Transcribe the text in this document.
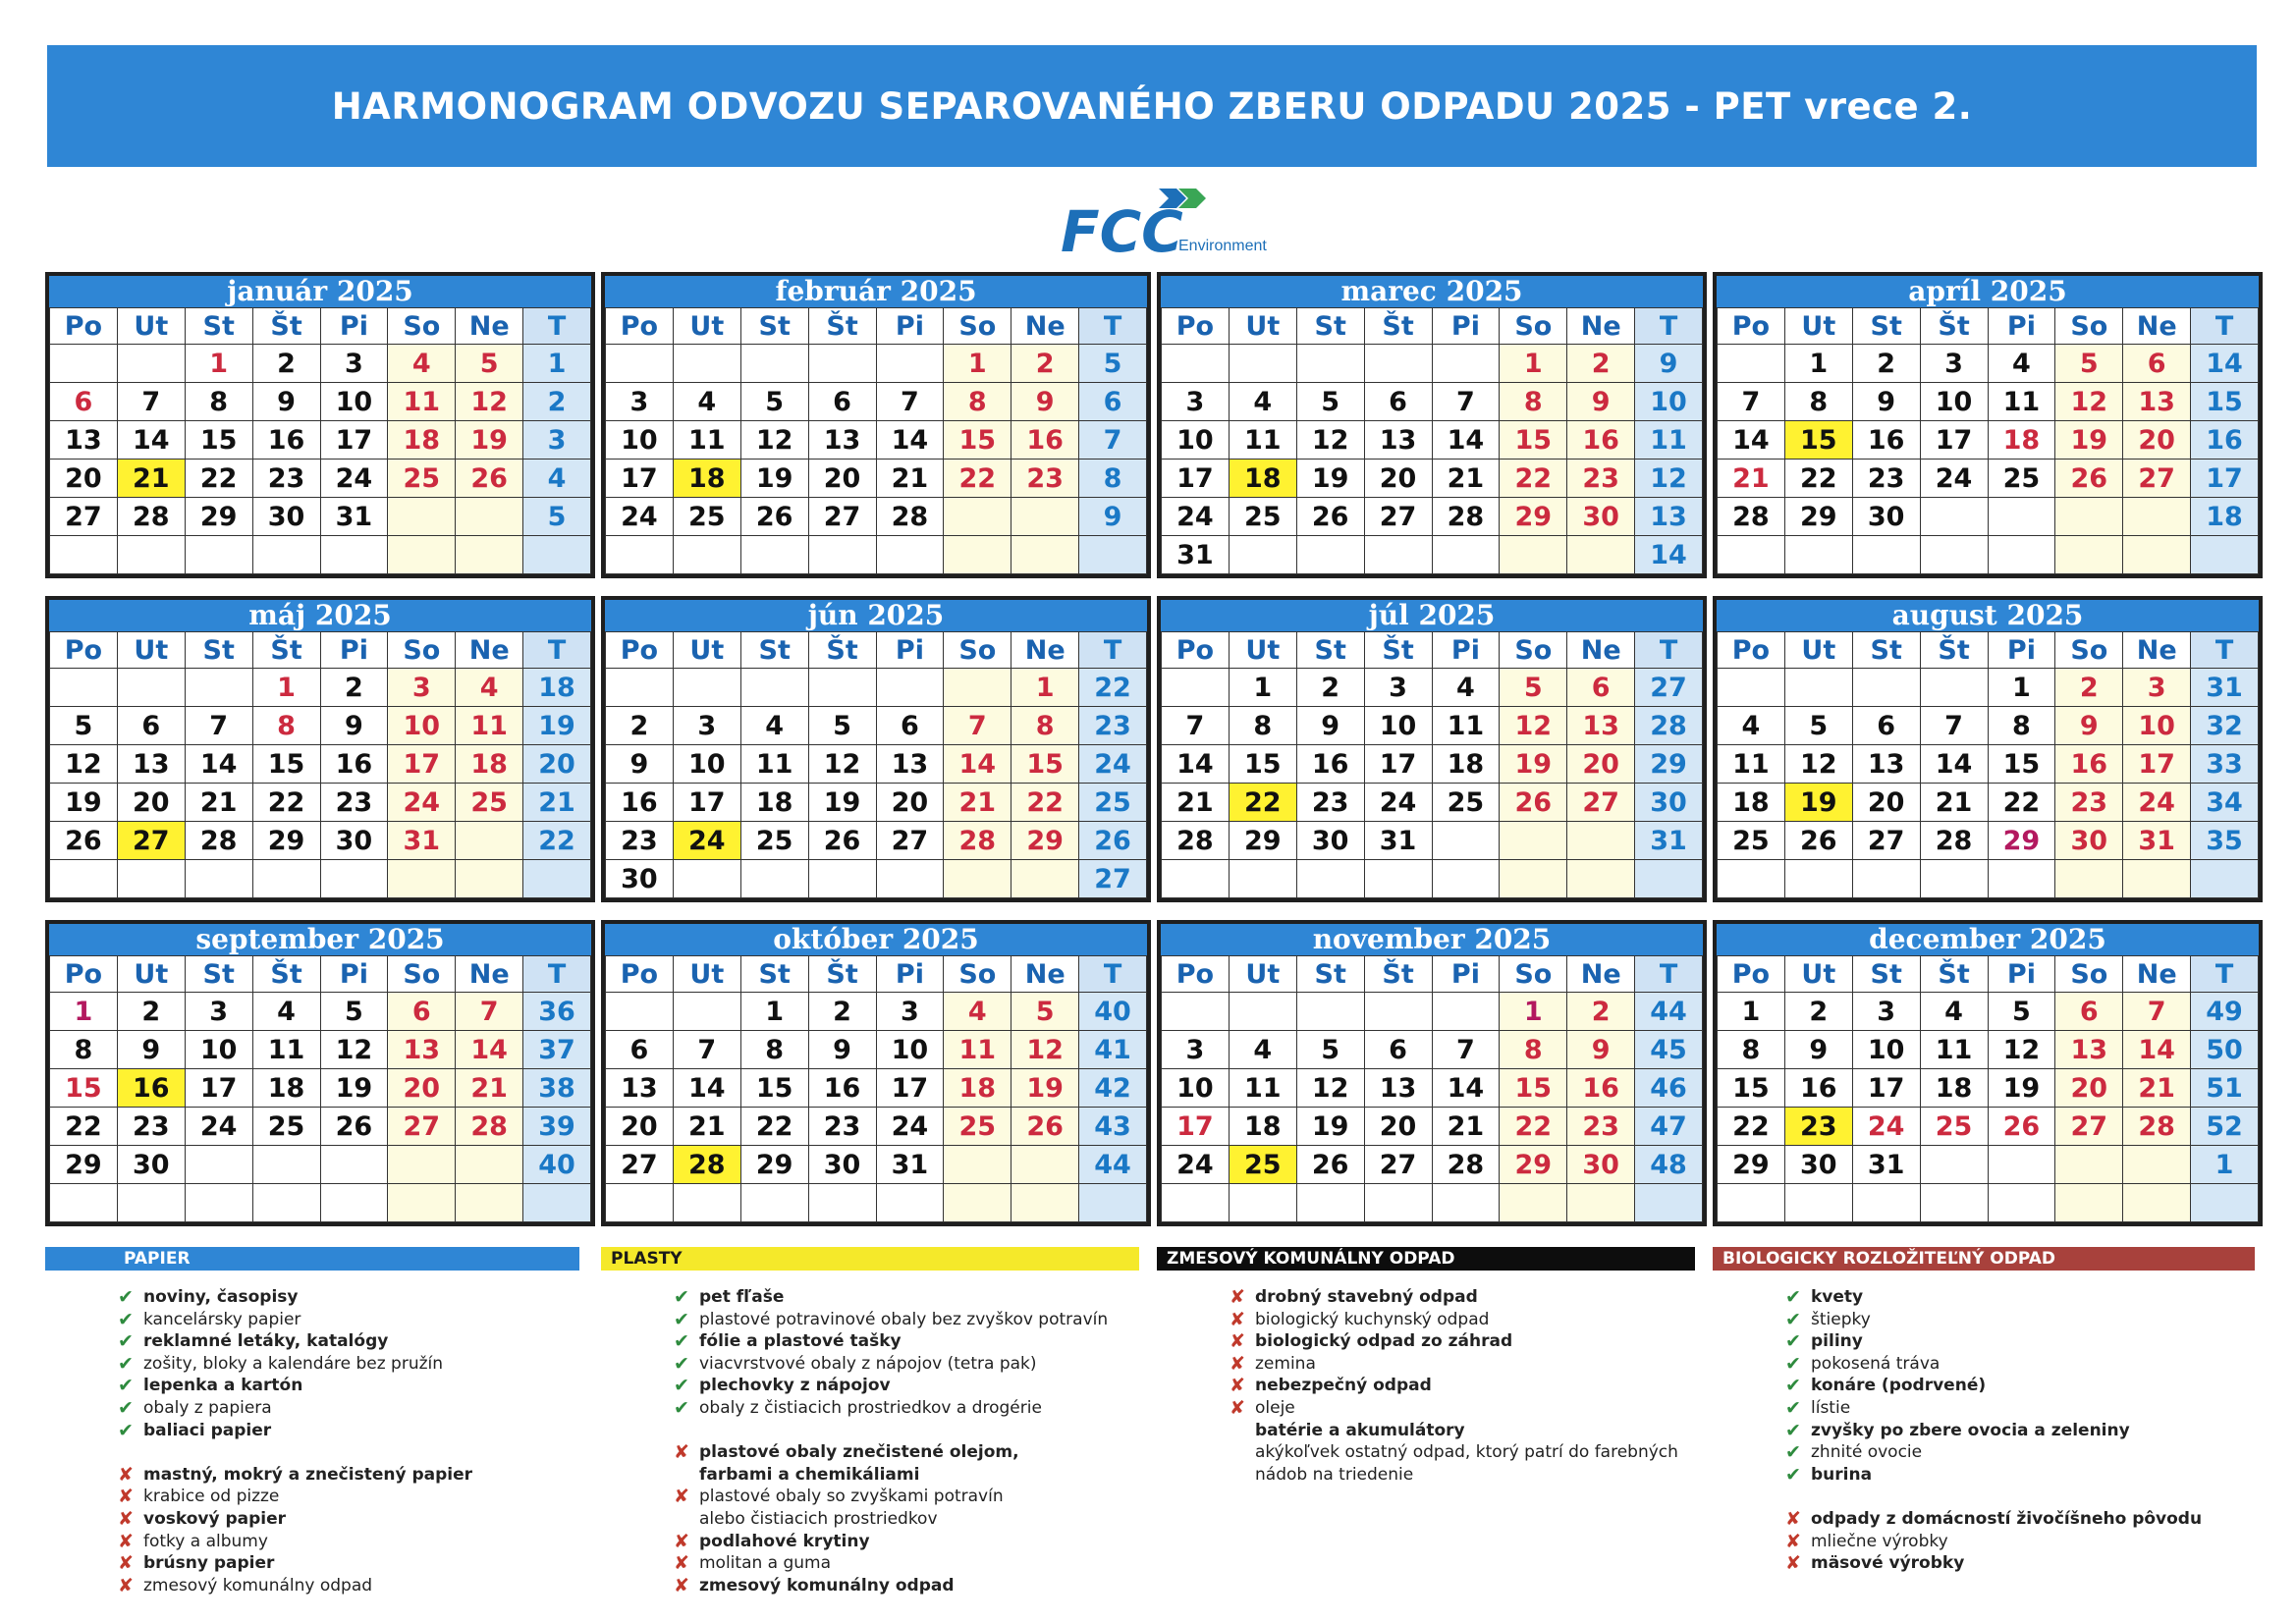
HARMONOGRAM ODVOZU SEPAROVANÉHO ZBERU ODPADU 2025 - PET vrece 2.
FCC
Environment
január 2025
Po	Ut	St	Št	Pi	So	Ne	T
		1	2	3	4	5	1
6	7	8	9	10	11	12	2
13	14	15	16	17	18	19	3
20	21	22	23	24	25	26	4
27	28	29	30	31			5

február 2025
Po	Ut	St	Št	Pi	So	Ne	T
					1	2	5
3	4	5	6	7	8	9	6
10	11	12	13	14	15	16	7
17	18	19	20	21	22	23	8
24	25	26	27	28			9

marec 2025
Po	Ut	St	Št	Pi	So	Ne	T
					1	2	9
3	4	5	6	7	8	9	10
10	11	12	13	14	15	16	11
17	18	19	20	21	22	23	12
24	25	26	27	28	29	30	13
31							14
apríl 2025
Po	Ut	St	Št	Pi	So	Ne	T
	1	2	3	4	5	6	14
7	8	9	10	11	12	13	15
14	15	16	17	18	19	20	16
21	22	23	24	25	26	27	17
28	29	30					18

máj 2025
Po	Ut	St	Št	Pi	So	Ne	T
			1	2	3	4	18
5	6	7	8	9	10	11	19
12	13	14	15	16	17	18	20
19	20	21	22	23	24	25	21
26	27	28	29	30	31		22

jún 2025
Po	Ut	St	Št	Pi	So	Ne	T
						1	22
2	3	4	5	6	7	8	23
9	10	11	12	13	14	15	24
16	17	18	19	20	21	22	25
23	24	25	26	27	28	29	26
30							27
júl 2025
Po	Ut	St	Št	Pi	So	Ne	T
	1	2	3	4	5	6	27
7	8	9	10	11	12	13	28
14	15	16	17	18	19	20	29
21	22	23	24	25	26	27	30
28	29	30	31				31

august 2025
Po	Ut	St	Št	Pi	So	Ne	T
				1	2	3	31
4	5	6	7	8	9	10	32
11	12	13	14	15	16	17	33
18	19	20	21	22	23	24	34
25	26	27	28	29	30	31	35

september 2025
Po	Ut	St	Št	Pi	So	Ne	T
1	2	3	4	5	6	7	36
8	9	10	11	12	13	14	37
15	16	17	18	19	20	21	38
22	23	24	25	26	27	28	39
29	30						40

október 2025
Po	Ut	St	Št	Pi	So	Ne	T
		1	2	3	4	5	40
6	7	8	9	10	11	12	41
13	14	15	16	17	18	19	42
20	21	22	23	24	25	26	43
27	28	29	30	31			44

november 2025
Po	Ut	St	Št	Pi	So	Ne	T
					1	2	44
3	4	5	6	7	8	9	45
10	11	12	13	14	15	16	46
17	18	19	20	21	22	23	47
24	25	26	27	28	29	30	48

december 2025
Po	Ut	St	Št	Pi	So	Ne	T
1	2	3	4	5	6	7	49
8	9	10	11	12	13	14	50
15	16	17	18	19	20	21	51
22	23	24	25	26	27	28	52
29	30	31					1

PAPIER
✔ noviny, časopisy
✔ kancelársky papier
✔ reklamné letáky, katalógy
✔ zošity, bloky a kalendáre bez pružín
✔ lepenka a kartón
✔ obaly z papiera
✔ baliaci papier
✘ mastný, mokrý a znečistený papier
✘ krabice od pizze
✘ voskový papier
✘ fotky a albumy
✘ brúsny papier
✘ zmesový komunálny odpad
PLASTY
✔ pet fľaše
✔ plastové potravinové obaly bez zvyškov potravín
✔ fólie a plastové tašky
✔ viacvrstvové obaly z nápojov (tetra pak)
✔ plechovky z nápojov
✔ obaly z čistiacich prostriedkov a drogérie
✘ plastové obaly znečistené olejom,
farbami a chemikáliami
✘ plastové obaly so zvyškami potravín
alebo čistiacich prostriedkov
✘ podlahové krytiny
✘ molitan a guma
✘ zmesový komunálny odpad
ZMESOVÝ KOMUNÁLNY ODPAD
✘ drobný stavebný odpad
✘ biologický kuchynský odpad
✘ biologický odpad zo záhrad
✘ zemina
✘ nebezpečný odpad
✘ oleje
batérie a akumulátory
akýkoľvek ostatný odpad, ktorý patrí do farebných
nádob na triedenie
BIOLOGICKY ROZLOŽITEĽNÝ ODPAD
✔ kvety
✔ štiepky
✔ piliny
✔ pokosená tráva
✔ konáre (podrvené)
✔ lístie
✔ zvyšky po zbere ovocia a zeleniny
✔ zhnité ovocie
✔ burina
✘ odpady z domácností živočíšneho pôvodu
✘ mliečne výrobky
✘ mäsové výrobky
